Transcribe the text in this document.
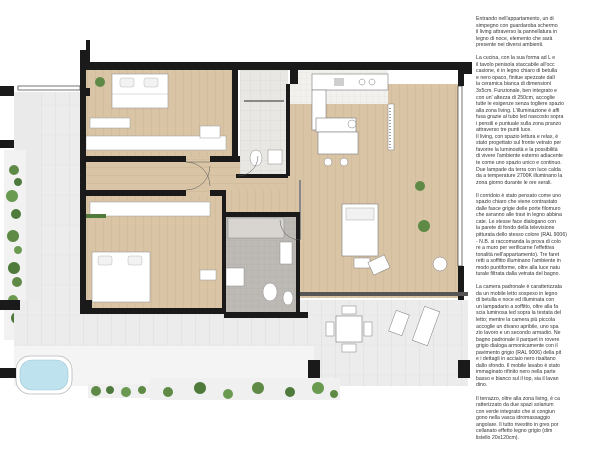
Entrando nell'appartamento, un di
simpegno con guardaroba schermo
il living attraverso la pannellatura in
legno di noce, elemento che sarà
presente nei diversi ambienti.

La cucina, con la sua forma ad L e
il tavolo penisola staccabile all'occ
casione, è in legno chiaro di betulla
e nero opaco, finitue spezzate dall
la ceramica bianca di dimensioni
3x5cm. Funzionale, ben integrato e
con un' altezza di 250cm, accoglie
tutte le esigenze senza togliere spazio
alla zona living. L'illuminazione è affi
fusa grazie al tubo led nascosto sopra
i pensili e puntuale sulla zona pranzo
attraverso tre punti luce.
Il living, con spazio lettura e relax, è
stato progettato sul fronte vetrato per
favorire la luminosità e la possibilità
di vivere l'ambiente esterno adiacente
te come uno spazio unico e continuo.
Due lampade da terra con luce calda
da a temperature 2700K illuminano la
zona giorno durante le ore serali.

Il corridoio è stato pensato come uno
spazio chiaro che viene contrastato
dalle fasce grigie delle porte filomuro
che avranno alle travi in legno abbina
cate. Le stesse face dialogano con
la parete di fondo della televisione
pitturata dello stesso colore (RAL 9006)
- N.B. si raccomanda la prova di colo
re a muro per verificarne l'effettiva
tonalità nell'appartamento). Tre faret
retti a soffitto illuminano l'ambiente in
modo puntiforme, oltre alla luce natu
turale filtrata dalla vetrata del bagno.

La camera padronale è caratterizzata
da un mobile letto sospeso in legno
di betulla e noce ed illuminata con
un lampadario a soffitto, oltre alla fa
scia luminosa led sopra la testata del
letto; mentre la camera più piccola
accoglie un divano apribile, uno spa
zio lavoro e un secondo armadio. Ne
bagno padronale il parquet in rovere
grigio dialoga armonicamente con il
pavimento grigio (RAL 9006) della pit
e i dettagli in acciaio nero risaltano
dallo sfondo. Il mobile lavabo è stato
immaginato rifinito nero nella parte
basso e bianco sul il top, sia il lavan
dino.

Il terrazzo, oltre alla zona living, è ca
ratterizzato da due spazi solarium
con verde integrato che si congiun
gono nella vasca idromassaggio
angolare. Il tutto rivestito in gres por
cellanato effetto legno grigio (dim
listello 20x120cm).
